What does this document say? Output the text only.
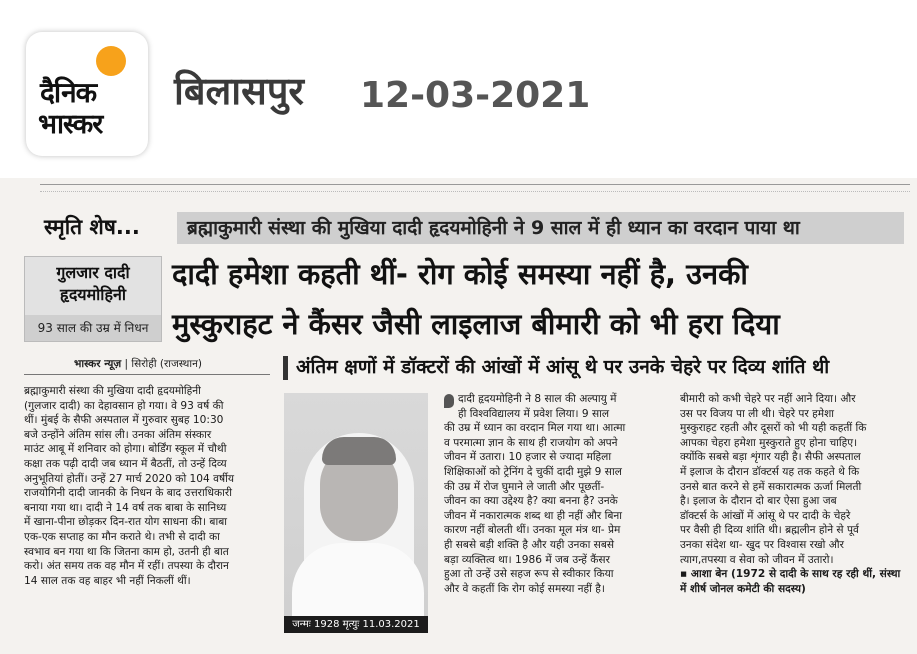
दैनिक
भास्कर
बिलासपुर 12-03-2021
स्मृति शेष... ब्रह्माकुमारी संस्था की मुखिया दादी हृदयमोहिनी ने 9 साल में ही ध्यान का वरदान पाया था
गुलजार दादी
हृदयमोहिनी
93 साल की उम्र में निधन
दादी हमेशा कहती थीं- रोग कोई समस्या नहीं है, उनकी
मुस्कुराहट ने कैंसर जैसी लाइलाज बीमारी को भी हरा दिया
अंतिम क्षणों में डॉक्टरों की आंखों में आंसू थे पर उनके चेहरे पर दिव्य शांति थी
भास्कर न्यूज़ | सिरोही (राजस्थान)
ब्रह्माकुमारी संस्था की मुखिया दादी हृदयमोहिनी
(गुलजार दादी) का देहावसान हो गया। वे 93 वर्ष की
थीं। मुंबई के सैफी अस्पताल में गुरुवार सुबह 10:30
बजे उन्होंने अंतिम सांस ली। उनका अंतिम संस्कार
माउंट आबू में शनिवार को होगा। बोर्डिंग स्कूल में चौथी
कक्षा तक पढ़ी दादी जब ध्यान में बैठतीं, तो उन्हें दिव्य
अनुभूतियां होतीं। उन्हें 27 मार्च 2020 को 104 वर्षीय
राजयोगिनी दादी जानकी के निधन के बाद उत्तराधिकारी
बनाया गया था। दादी ने 14 वर्ष तक बाबा के सानिध्य
में खाना-पीना छोड़कर दिन-रात योग साधना की। बाबा
एक-एक सप्ताह का मौन कराते थे। तभी से दादी का
स्वभाव बन गया था कि जितना काम हो, उतनी ही बात
करो। अंत समय तक वह मौन में रहीं। तपस्या के दौरान
14 साल तक वह बाहर भी नहीं निकलीं थीं।
जन्मः 1928 मृत्युः 11.03.2021
दादी हृदयमोहिनी ने 8 साल की अल्पायु में
ही विश्वविद्यालय में प्रवेश लिया। 9 साल
की उम्र में ध्यान का वरदान मिल गया था। आत्मा
व परमात्मा ज्ञान के साथ ही राजयोग को अपने
जीवन में उतारा। 10 हजार से ज्यादा महिला
शिक्षिकाओं को ट्रेनिंग दे चुकीं दादी मुझे 9 साल
की उम्र में रोज घुमाने ले जाती और पूछतीं-
जीवन का क्या उद्देश्य है? क्या बनना है? उनके
जीवन में नकारात्मक शब्द था ही नहीं और बिना
कारण नहीं बोलती थीं। उनका मूल मंत्र था- प्रेम
ही सबसे बड़ी शक्ति है और यही उनका सबसे
बड़ा व्यक्तित्व था। 1986 में जब उन्हें कैंसर
हुआ तो उन्हें उसे सहज रूप से स्वीकार किया
और वे कहतीं कि रोग कोई समस्या नहीं है।
बीमारी को कभी चेहरे पर नहीं आने दिया। और
उस पर विजय पा ली थी। चेहरे पर हमेशा
मुस्कुराहट रहती और दूसरों को भी यही कहतीं कि
आपका चेहरा हमेशा मुस्कुराते हुए होना चाहिए।
क्योंकि सबसे बड़ा शृंगार यही है। सैफी अस्पताल
में इलाज के दौरान डॉक्टर्स यह तक कहते थे कि
उनसे बात करने से हमें सकारात्मक ऊर्जा मिलती
है। इलाज के दौरान दो बार ऐसा हुआ जब
डॉक्टर्स के आंखों में आंसू थे पर दादी के चेहरे
पर वैसी ही दिव्य शांति थी। ब्रह्मलीन होने से पूर्व
उनका संदेश था- खुद पर विश्वास रखो और
त्याग,तपस्या व सेवा को जीवन में उतारो।
▪ आशा बेन (1972 से दादी के साथ रह रही थीं, संस्था
में शीर्ष जोनल कमेटी की सदस्य)
